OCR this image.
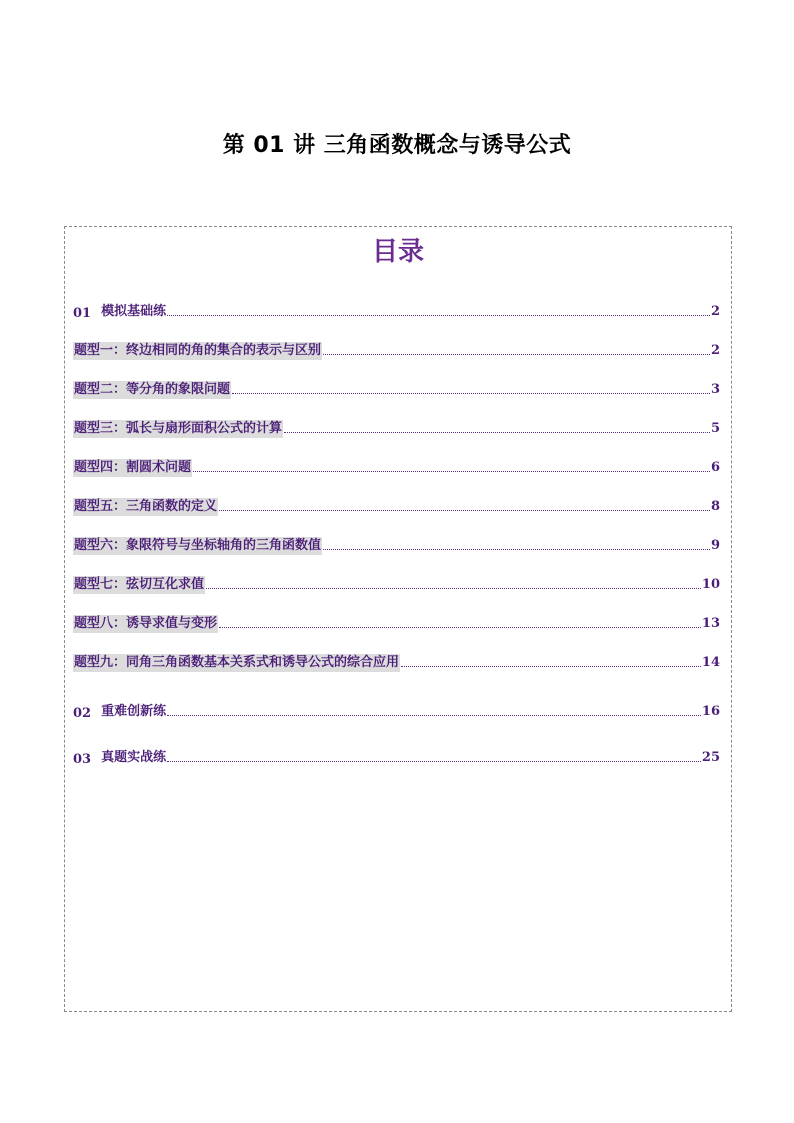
第 01 讲 三角函数概念与诱导公式
目录
01 模拟基础练	2
题型一：终边相同的角的集合的表示与区别	2
题型二：等分角的象限问题	3
题型三：弧长与扇形面积公式的计算	5
题型四：割圆术问题	6
题型五：三角函数的定义	8
题型六：象限符号与坐标轴角的三角函数值	9
题型七：弦切互化求值	10
题型八：诱导求值与变形	13
题型九：同角三角函数基本关系式和诱导公式的综合应用	14
02 重难创新练	16
03 真题实战练	25
